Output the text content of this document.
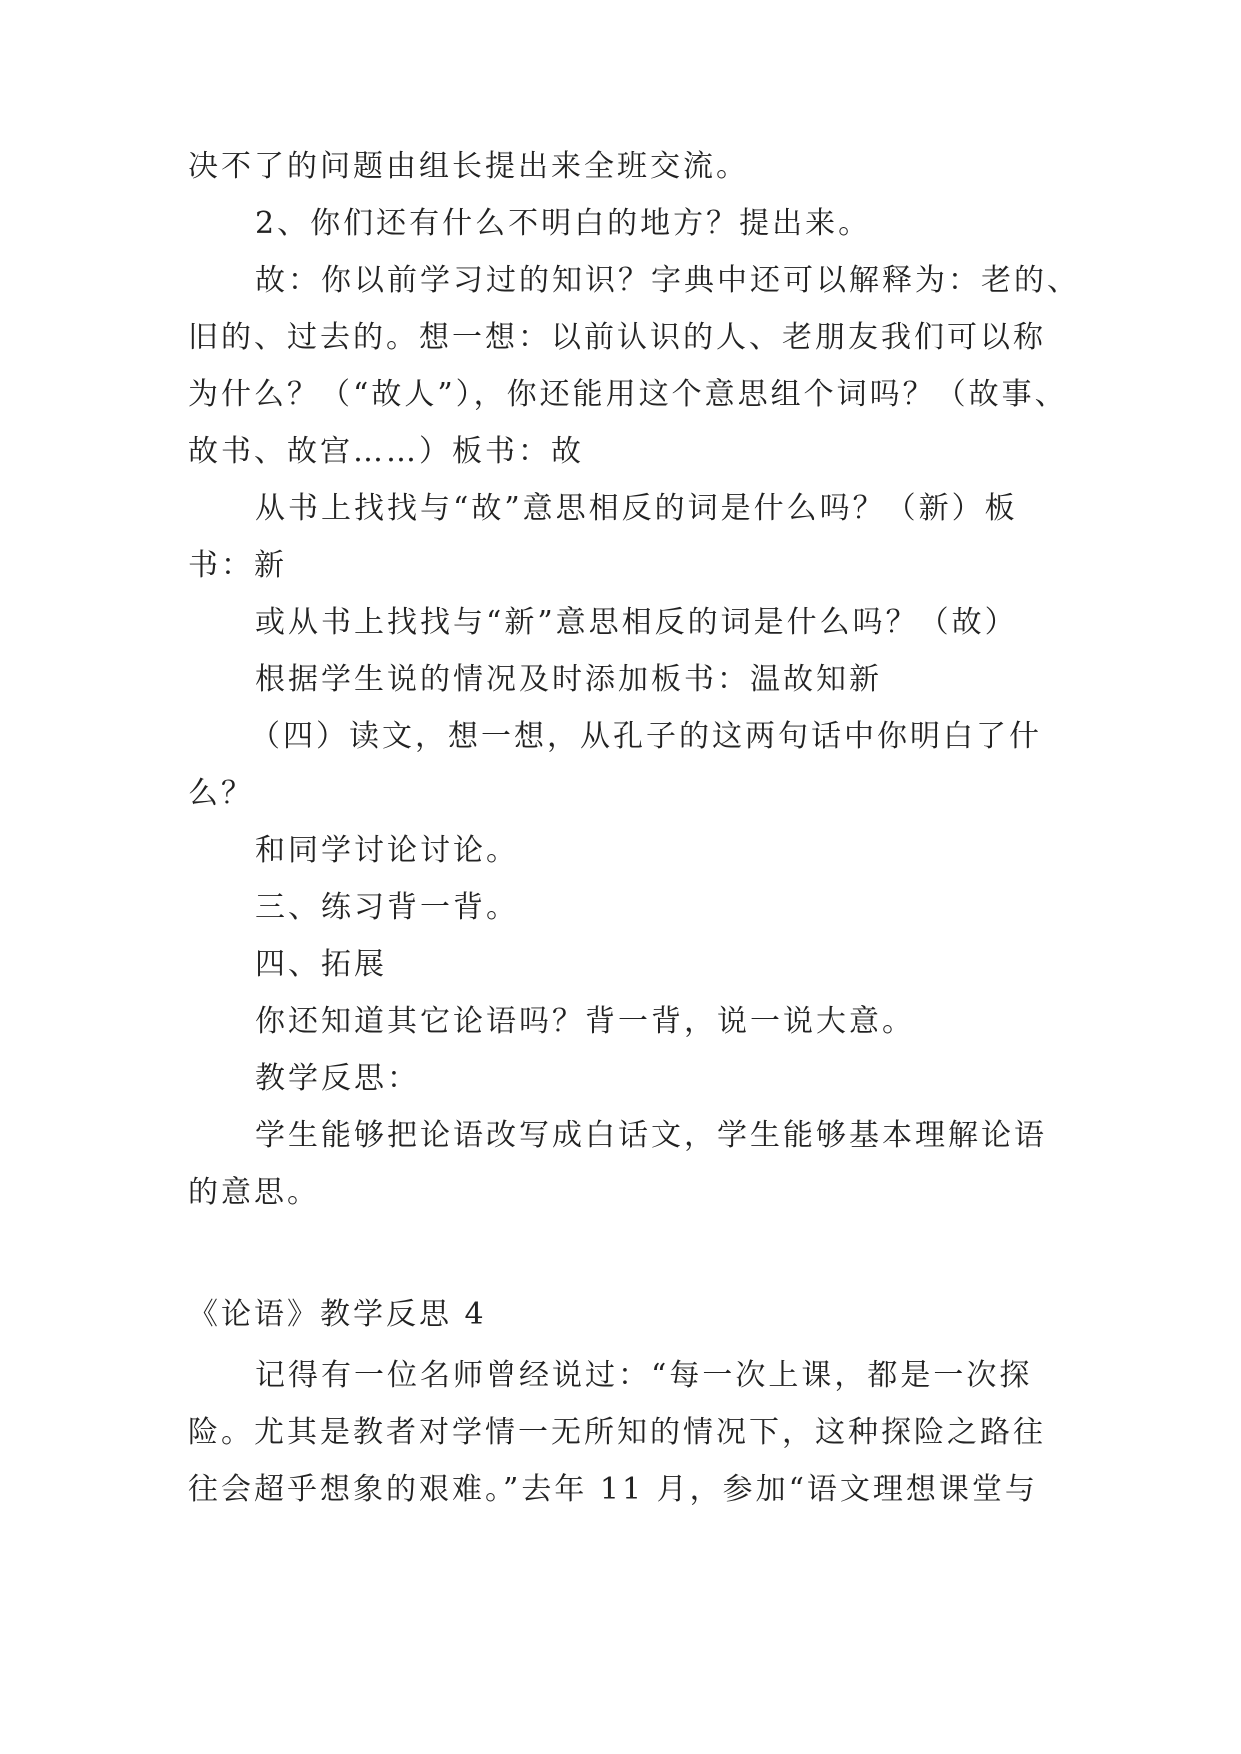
决不了的问题由组长提出来全班交流。
2、你们还有什么不明白的地方？提出来。
故：你以前学习过的知识？字典中还可以解释为：老的、
旧的、过去的。想一想：以前认识的人、老朋友我们可以称
为什么？（“故人”），你还能用这个意思组个词吗？（故事、
故书、故宫……）板书：故
从书上找找与“故”意思相反的词是什么吗？（新）板
书：新
或从书上找找与“新”意思相反的词是什么吗？（故）
根据学生说的情况及时添加板书：温故知新
（四）读文，想一想，从孔子的这两句话中你明白了什
么？
和同学讨论讨论。
三、练习背一背。
四、拓展
你还知道其它论语吗？背一背，说一说大意。
教学反思：
学生能够把论语改写成白话文，学生能够基本理解论语
的意思。
《论语》教学反思 4
记得有一位名师曾经说过：“每一次上课，都是一次探
险。尤其是教者对学情一无所知的情况下，这种探险之路往
往会超乎想象的艰难。”去年 11 月，参加“语文理想课堂与
